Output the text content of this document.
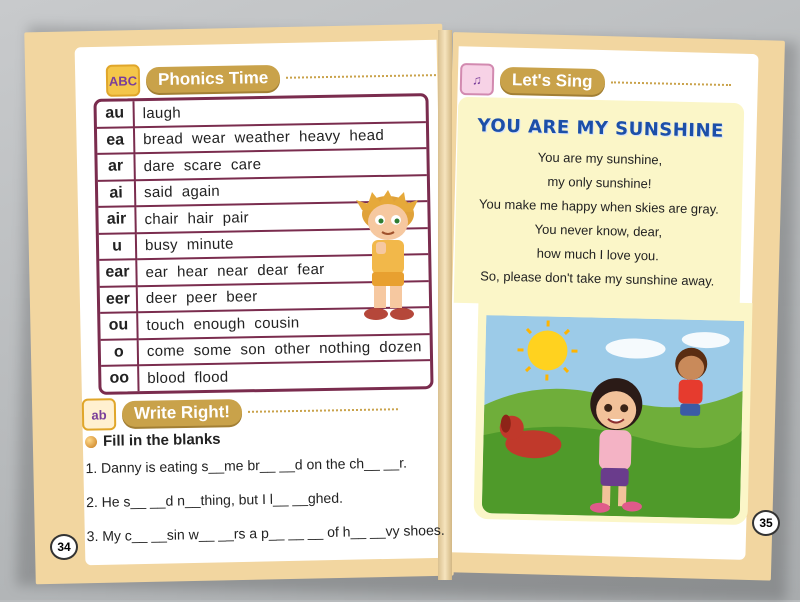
ABC	Phonics Time
au	laugh
ea	bread  wear  weather  heavy  head
ar	dare  scare  care
ai	said  again
air	chair  hair  pair
u	busy  minute
ear	ear  hear  near  dear  fear
eer	deer  peer  beer
ou	touch  enough  cousin
o	come  some  son  other  nothing  dozen
oo	blood  flood
ab	Write Right!
Fill in the blanks
1. Danny is eating s__me br__ __d on the ch__ __r.
2. He s__ __d n__thing, but I l__ __ghed.
3. My c__ __sin w__ __rs a p__ __ __ of h__ __vy shoes.
34
♫	Let's Sing
YOU ARE MY SUNSHINE
You are my sunshine,
my only sunshine!
You make me happy when skies are gray.
You never know, dear,
how much I love you.
So, please don't take my sunshine away.
35
